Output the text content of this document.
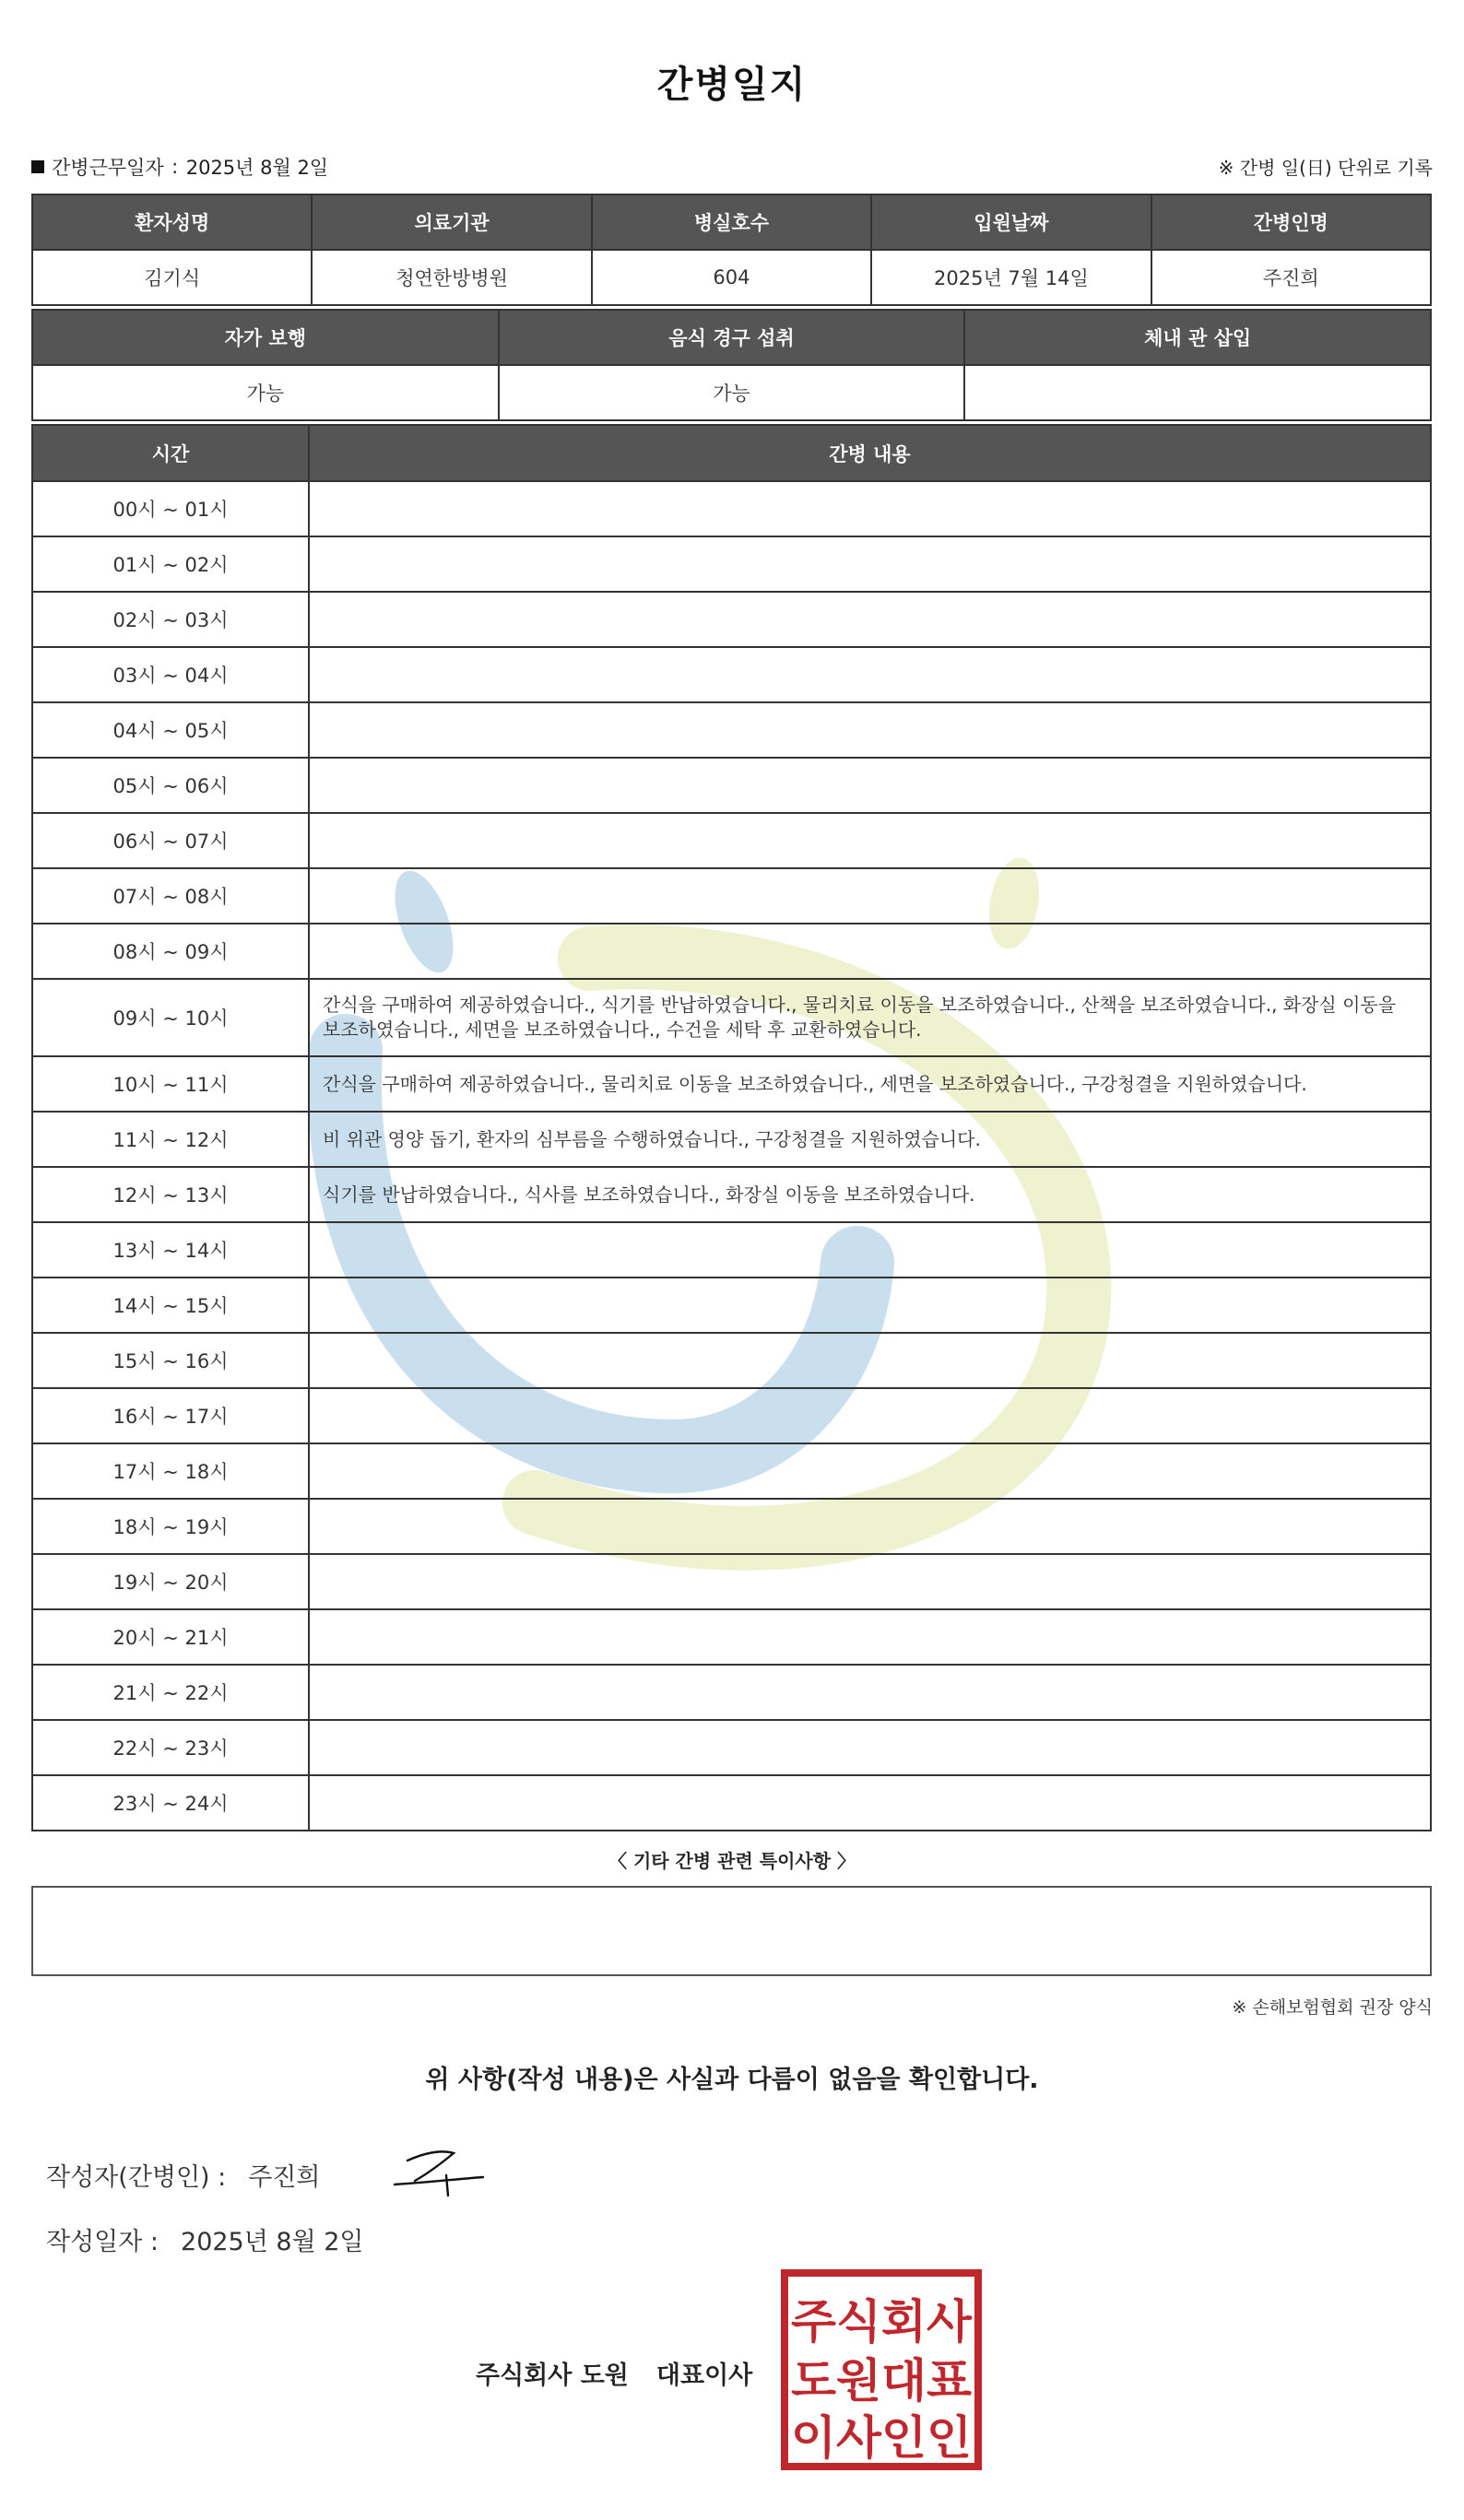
간병일지
간병근무일자 : 2025년 8월 2일	※ 간병 일(日) 단위로 기록
환자성명	의료기관	병실호수	입원날짜	간병인명
김기식	청연한방병원	604	2025년 7월 14일	주진희
자가 보행	음식 경구 섭취	체내 관 삽입
가능	가능	
시간	간병 내용
00시 ~ 01시	
01시 ~ 02시	
02시 ~ 03시	
03시 ~ 04시	
04시 ~ 05시	
05시 ~ 06시	
06시 ~ 07시	
07시 ~ 08시	
08시 ~ 09시	
09시 ~ 10시	간식을 구매하여 제공하였습니다., 식기를 반납하였습니다., 물리치료 이동을 보조하였습니다., 산책을 보조하였습니다., 화장실 이동을 보조하였습니다., 세면을 보조하였습니다., 수건을 세탁 후 교환하였습니다.
10시 ~ 11시	간식을 구매하여 제공하였습니다., 물리치료 이동을 보조하였습니다., 세면을 보조하였습니다., 구강청결을 지원하였습니다.
11시 ~ 12시	비 위관 영양 돕기, 환자의 심부름을 수행하였습니다., 구강청결을 지원하였습니다.
12시 ~ 13시	식기를 반납하였습니다., 식사를 보조하였습니다., 화장실 이동을 보조하였습니다.
13시 ~ 14시	
14시 ~ 15시	
15시 ~ 16시	
16시 ~ 17시	
17시 ~ 18시	
18시 ~ 19시	
19시 ~ 20시	
20시 ~ 21시	
21시 ~ 22시	
22시 ~ 23시	
23시 ~ 24시	
〈 기타 간병 관련 특이사항 〉
※ 손해보험협회 권장 양식
위 사항(작성 내용)은 사실과 다름이 없음을 확인합니다.
작성자(간병인) : 주진희
작성일자 : 2025년 8월 2일
주식회사 도원 대표이사
주식회사
도원대표
이사인인
